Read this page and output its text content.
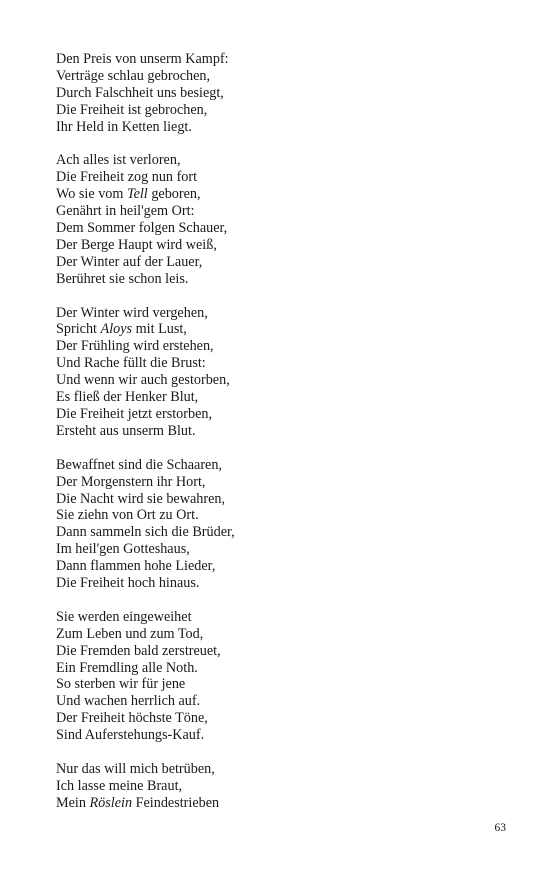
Den Preis von unserm Kampf:
Verträge schlau gebrochen,
Durch Falschheit uns besiegt,
Die Freiheit ist gebrochen,
Ihr Held in Ketten liegt.
Ach alles ist verloren,
Die Freiheit zog nun fort
Wo sie vom Tell geboren,
Genährt in heil'gem Ort:
Dem Sommer folgen Schauer,
Der Berge Haupt wird weiß,
Der Winter auf der Lauer,
Berühret sie schon leis.
Der Winter wird vergehen,
Spricht Aloys mit Lust,
Der Frühling wird erstehen,
Und Rache füllt die Brust:
Und wenn wir auch gestorben,
Es fließ der Henker Blut,
Die Freiheit jetzt erstorben,
Ersteht aus unserm Blut.
Bewaffnet sind die Schaaren,
Der Morgenstern ihr Hort,
Die Nacht wird sie bewahren,
Sie ziehn von Ort zu Ort.
Dann sammeln sich die Brüder,
Im heil'gen Gotteshaus,
Dann flammen hohe Lieder,
Die Freiheit hoch hinaus.
Sie werden eingeweihet
Zum Leben und zum Tod,
Die Fremden bald zerstreuet,
Ein Fremdling alle Noth.
So sterben wir für jene
Und wachen herrlich auf.
Der Freiheit höchste Töne,
Sind Auferstehungs-Kauf.
Nur das will mich betrüben,
Ich lasse meine Braut,
Mein Röslein Feindestrieben
63
